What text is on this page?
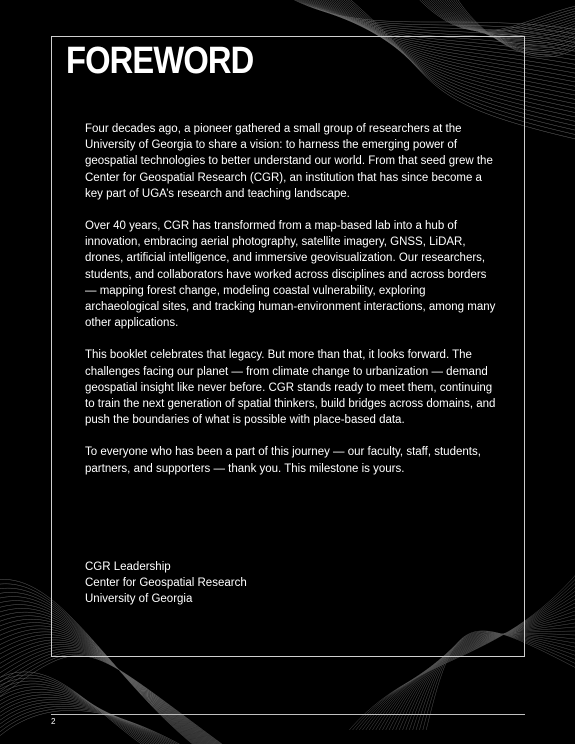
FOREWORD

Four decades ago, a pioneer gathered a small group of researchers at the University of Georgia to share a vision: to harness the emerging power of geospatial technologies to better understand our world. From that seed grew the Center for Geospatial Research (CGR), an institution that has since become a key part of UGA’s research and teaching landscape.

Over 40 years, CGR has transformed from a map-based lab into a hub of innovation, embracing aerial photography, satellite imagery, GNSS, LiDAR, drones, artificial intelligence, and immersive geovisualization. Our researchers, students, and collaborators have worked across disciplines and across borders — mapping forest change, modeling coastal vulnerability, exploring archaeological sites, and tracking human-environment interactions, among many other applications.

This booklet celebrates that legacy. But more than that, it looks forward. The challenges facing our planet — from climate change to urbanization — demand geospatial insight like never before. CGR stands ready to meet them, continuing to train the next generation of spatial thinkers, build bridges across domains, and push the boundaries of what is possible with place-based data.

To everyone who has been a part of this journey — our faculty, staff, students, partners, and supporters — thank you. This milestone is yours.

CGR Leadership
Center for Geospatial Research
University of Georgia
2
